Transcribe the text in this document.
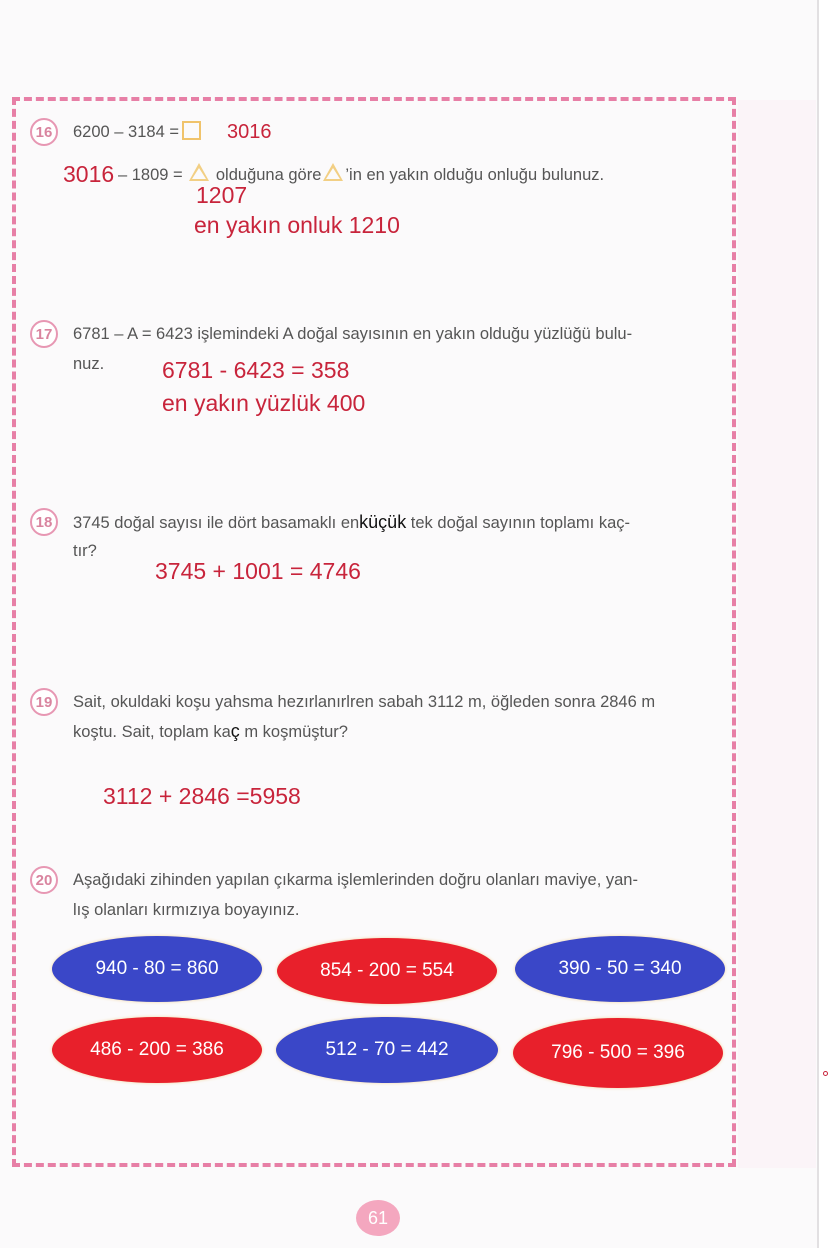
16	6200 – 3184 =	3016
3016 – 1809 = olduğuna göre ’in en yakın olduğu onluğu bulunuz.
1207
en yakın onluk 1210
17	6781 – A = 6423 işlemindeki A doğal sayısının en yakın olduğu yüzlüğü bulu-
nuz.	6781 - 6423 = 358
en yakın yüzlük 400
18	3745 doğal sayısı ile dört basamaklı enküçük tek doğal sayının toplamı kaç-
tır?
3745 + 1001 = 4746
19	Sait, okuldaki koşu yahsma hezırlanırlren sabah 3112 m, öğleden sonra 2846 m
koştu. Sait, toplam kaç m koşmüştur?
3112 + 2846 =5958
20	Aşağıdaki zihinden yapılan çıkarma işlemlerinden doğru olanları maviye, yan-
lış olanları kırmızıya boyayınız.
940 - 80 = 860	854 - 200 = 554	390 - 50 = 340
486 - 200 = 386	512 - 70 = 442	796 - 500 = 396
61
